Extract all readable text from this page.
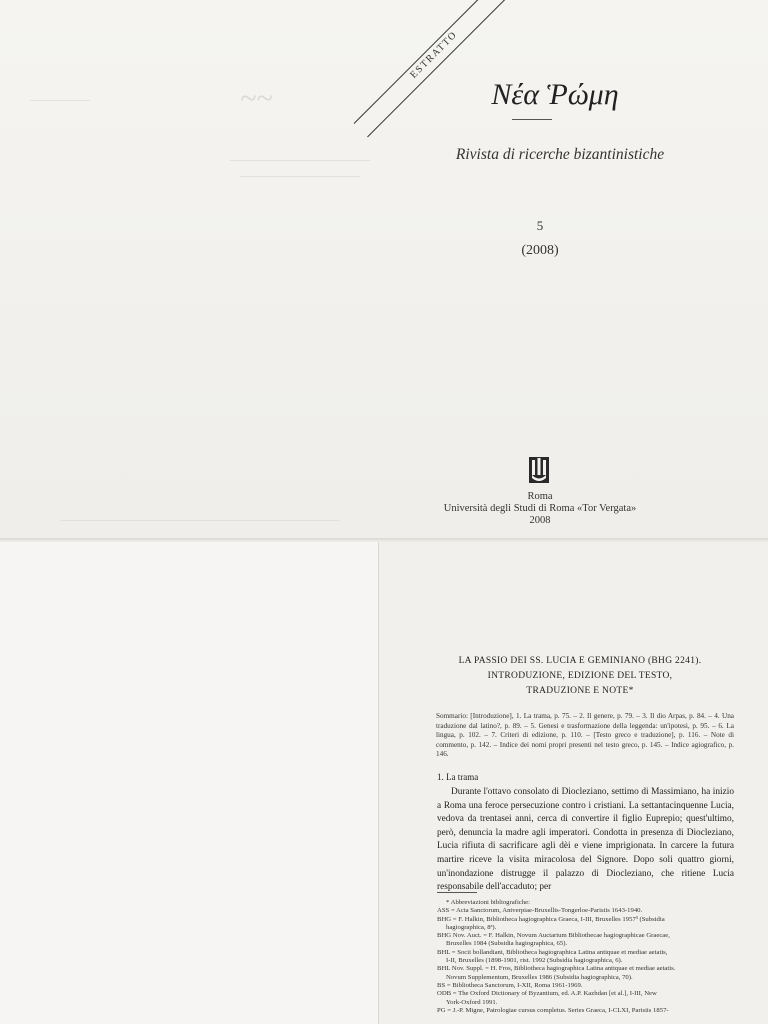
~~
ESTRATTO
Νέα Ῥώμη
Rivista di ricerche bizantinistiche
5
(2008)
Roma
Università degli Studi di Roma «Tor Vergata»
2008
LA PASSIO DEI SS. LUCIA E GEMINIANO (BHG 2241).
INTRODUZIONE, EDIZIONE DEL TESTO,
TRADUZIONE E NOTE*
Sommario: [Introduzione], 1. La trama, p. 75. – 2. Il genere, p. 79. – 3. Il dio Arpas, p. 84. – 4. Una traduzione dal latino?, p. 89. – 5. Genesi e trasformazione della leggenda: un'ipotesi, p. 95. – 6. La lingua, p. 102. – 7. Criteri di edizione, p. 110. – [Testo greco e traduzione], p. 116. – Note di commento, p. 142. – Indice dei nomi propri presenti nel testo greco, p. 145. – Indice agiografico, p. 146.
1. La trama
Durante l'ottavo consolato di Diocleziano, settimo di Massimiano, ha inizio a Roma una feroce persecuzione contro i cristiani. La settantacinquenne Lucia, vedova da trentasei anni, cerca di convertire il figlio Euprepio; quest'ultimo, però, denuncia la madre agli imperatori. Condotta in presenza di Diocleziano, Lucia rifiuta di sacrificare agli dèi e viene imprigionata. In carcere la futura martire riceve la visita miracolosa del Signore. Dopo soli quattro giorni, un'inondazione distrugge il palazzo di Diocleziano, che ritiene Lucia responsabile dell'accaduto; per
* Abbreviazioni bibliografiche:
ASS = Acta Sanctorum, Antverpiae-Bruxellis-Tongerloe-Parisiis 1643-1940.
BHG = F. Halkin, Bibliotheca hagiographica Graeca, I-III, Bruxelles 1957³ (Subsidia
hagiographica, 8ᵃ).
BHG Nov. Auct. = F. Halkin, Novum Auctarium Bibliothecae hagiographicae Graecae,
Bruxelles 1984 (Subsidia hagiographica, 65).
BHL = Socii bollandiani, Bibliotheca hagiographica Latina antiquae et mediae aetatis,
I-II, Bruxelles (1898-1901, rist. 1992 (Subsidia hagiographica, 6).
BHL Nov. Suppl. = H. Fros, Bibliotheca hagiographica Latina antiquae et mediae aetatis.
Novum Supplementum, Bruxelles 1986 (Subsidia hagiographica, 70).
BS = Bibliotheca Sanctorum, I-XII, Roma 1961-1969.
ODB = The Oxford Dictionary of Byzantium, ed. A.P. Kazhdan [et al.], I-III, New
York-Oxford 1991.
PG = J.-P. Migne, Patrologiae cursus completus. Series Graeca, I-CLXI, Parisiis 1857-
